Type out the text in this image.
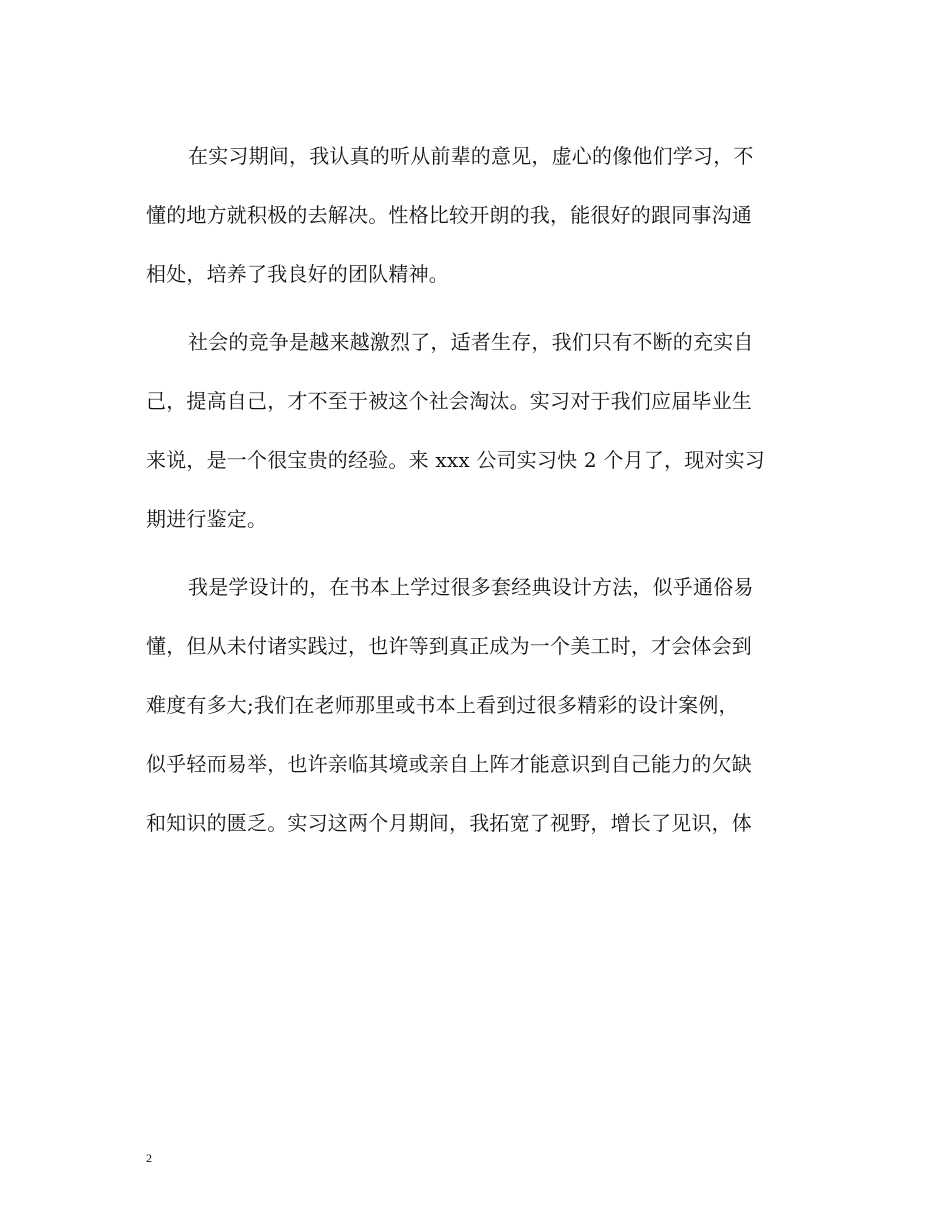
在实习期间，我认真的听从前辈的意见，虚心的像他们学习，不
懂的地方就积极的去解决。性格比较开朗的我，能很好的跟同事沟通
相处，培养了我良好的团队精神。
社会的竞争是越来越激烈了，适者生存，我们只有不断的充实自
己，提高自己，才不至于被这个社会淘汰。实习对于我们应届毕业生
来说，是一个很宝贵的经验。来 xxx 公司实习快 2 个月了，现对实习
期进行鉴定。
我是学设计的，在书本上学过很多套经典设计方法，似乎通俗易
懂，但从未付诸实践过，也许等到真正成为一个美工时，才会体会到
难度有多大;我们在老师那里或书本上看到过很多精彩的设计案例，
似乎轻而易举，也许亲临其境或亲自上阵才能意识到自己能力的欠缺
和知识的匮乏。实习这两个月期间，我拓宽了视野，增长了见识，体
2
